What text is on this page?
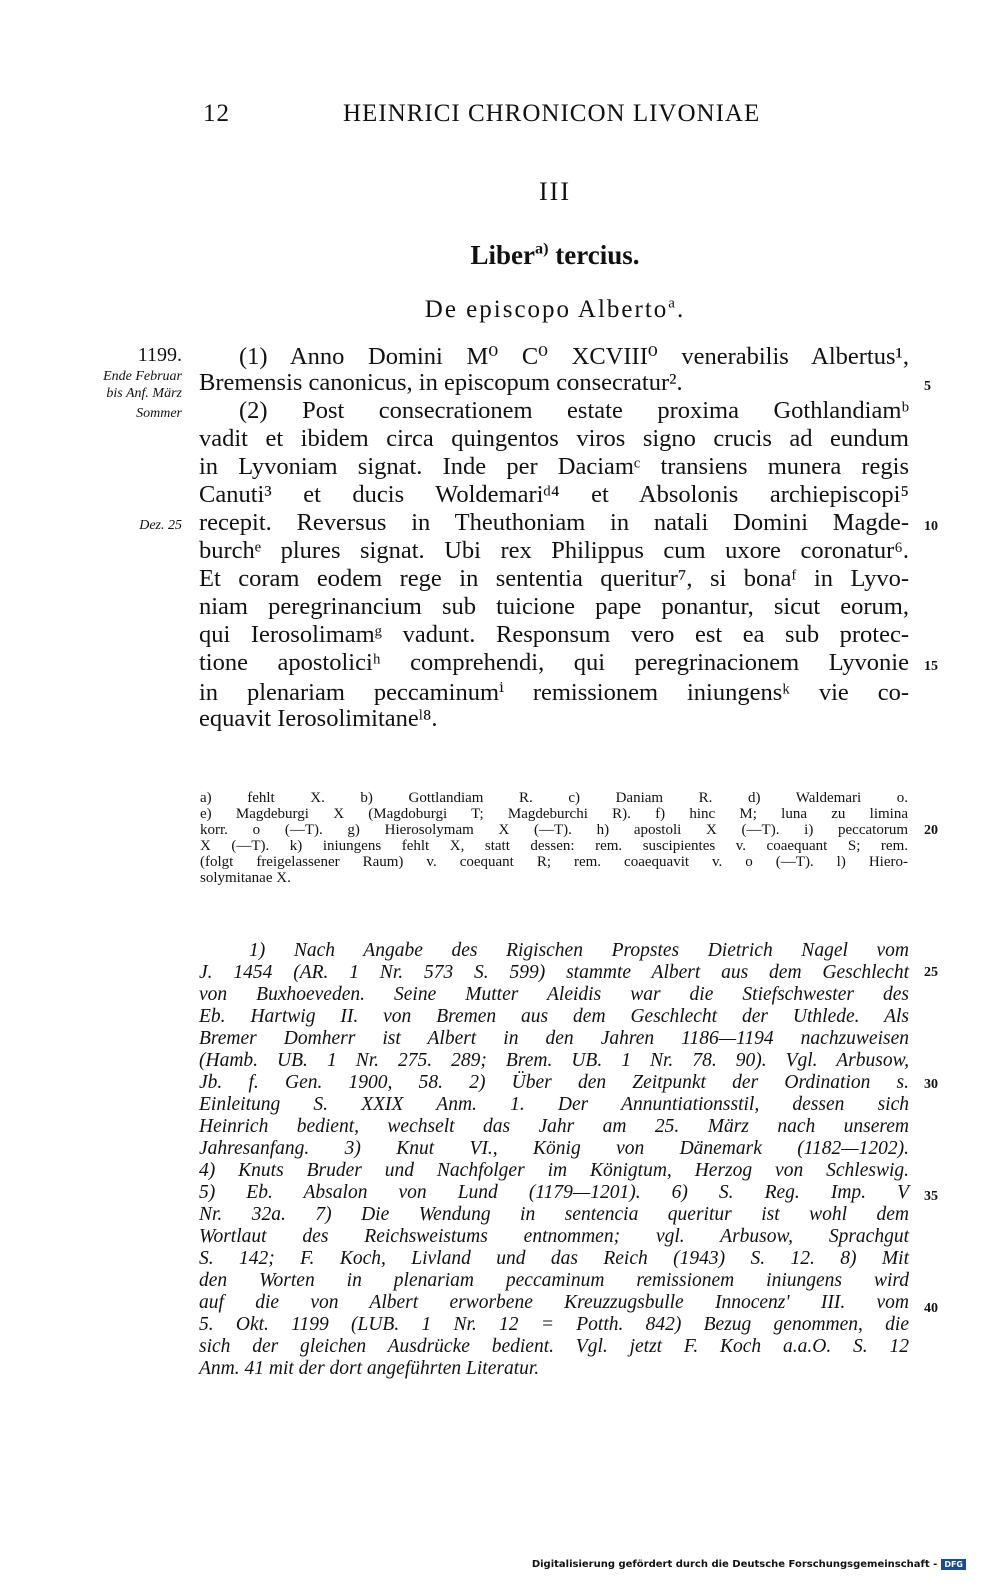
12	HEINRICI CHRONICON LIVONIAE
III
Liber$^{a)}$ tercius.
De episcopo Alberto$^a$.
1199.
Ende Februar
bis Anf. März
Sommer
Dez. 25
(1) Anno Domini M⁰ C⁰ XCVIII⁰ venerabilis Albertus¹,
Bremensis canonicus, in episcopum consecratur².
(2) Post consecrationem estate proxima Gothlandiamᵇ
vadit et ibidem circa quingentos viros signo crucis ad eundum
in Lyvoniam signat. Inde per Daciamᶜ transiens munera regis
Canuti³ et ducis Woldemariᵈ⁴ et Absolonis archiepiscopi⁵
recepit. Reversus in Theuthoniam in natali Domini Magde-
burchᵉ plures signat. Ubi rex Philippus cum uxore coronatur⁶.
Et coram eodem rege in sententia queritur⁷, si bonaᶠ in Lyvo-
niam peregrinancium sub tuicione pape ponantur, sicut eorum,
qui Ierosolimamᵍ vadunt. Responsum vero est ea sub protec-
tione apostoliciʰ comprehendi, qui peregrinacionem Lyvonie
in plenariam peccaminumⁱ remissionem iniungensᵏ vie co-
equavit Ierosolimitaneˡ⁸.
5
10
15
20
25
30
35
40
a) fehlt X. b) Gottlandiam R. c) Daniam R. d) Waldemari o.
e) Magdeburgi X (Magdoburgi T; Magdeburchi R). f) hinc M; luna zu limina
korr. o (—T). g) Hierosolymam X (—T). h) apostoli X (—T). i) peccatorum
X (—T). k) iniungens fehlt X, statt dessen: rem. suscipientes v. coaequant S; rem.
(folgt freigelassener Raum) v. coequant R; rem. coaequavit v. o (—T). l) Hiero-
solymitanae X.
1) Nach Angabe des Rigischen Propstes Dietrich Nagel vom
J. 1454 (AR. 1 Nr. 573 S. 599) stammte Albert aus dem Geschlecht
von Buxhoeveden. Seine Mutter Aleidis war die Stiefschwester des
Eb. Hartwig II. von Bremen aus dem Geschlecht der Uthlede. Als
Bremer Domherr ist Albert in den Jahren 1186—1194 nachzuweisen
(Hamb. UB. 1 Nr. 275. 289; Brem. UB. 1 Nr. 78. 90). Vgl. Arbusow,
Jb. f. Gen. 1900, 58. 2) Über den Zeitpunkt der Ordination s.
Einleitung S. XXIX Anm. 1. Der Annuntiationsstil, dessen sich
Heinrich bedient, wechselt das Jahr am 25. März nach unserem
Jahresanfang. 3) Knut VI., König von Dänemark (1182—1202).
4) Knuts Bruder und Nachfolger im Königtum, Herzog von Schleswig.
5) Eb. Absalon von Lund (1179—1201). 6) S. Reg. Imp. V
Nr. 32a. 7) Die Wendung in sentencia queritur ist wohl dem
Wortlaut des Reichsweistums entnommen; vgl. Arbusow, Sprachgut
S. 142; F. Koch, Livland und das Reich (1943) S. 12. 8) Mit
den Worten in plenariam peccaminum remissionem iniungens wird
auf die von Albert erworbene Kreuzzugsbulle Innocenz' III. vom
5. Okt. 1199 (LUB. 1 Nr. 12 = Potth. 842) Bezug genommen, die
sich der gleichen Ausdrücke bedient. Vgl. jetzt F. Koch a.a.O. S. 12
Anm. 41 mit der dort angeführten Literatur.
Digitalisierung gefördert durch die Deutsche Forschungsgemeinschaft - DFG
